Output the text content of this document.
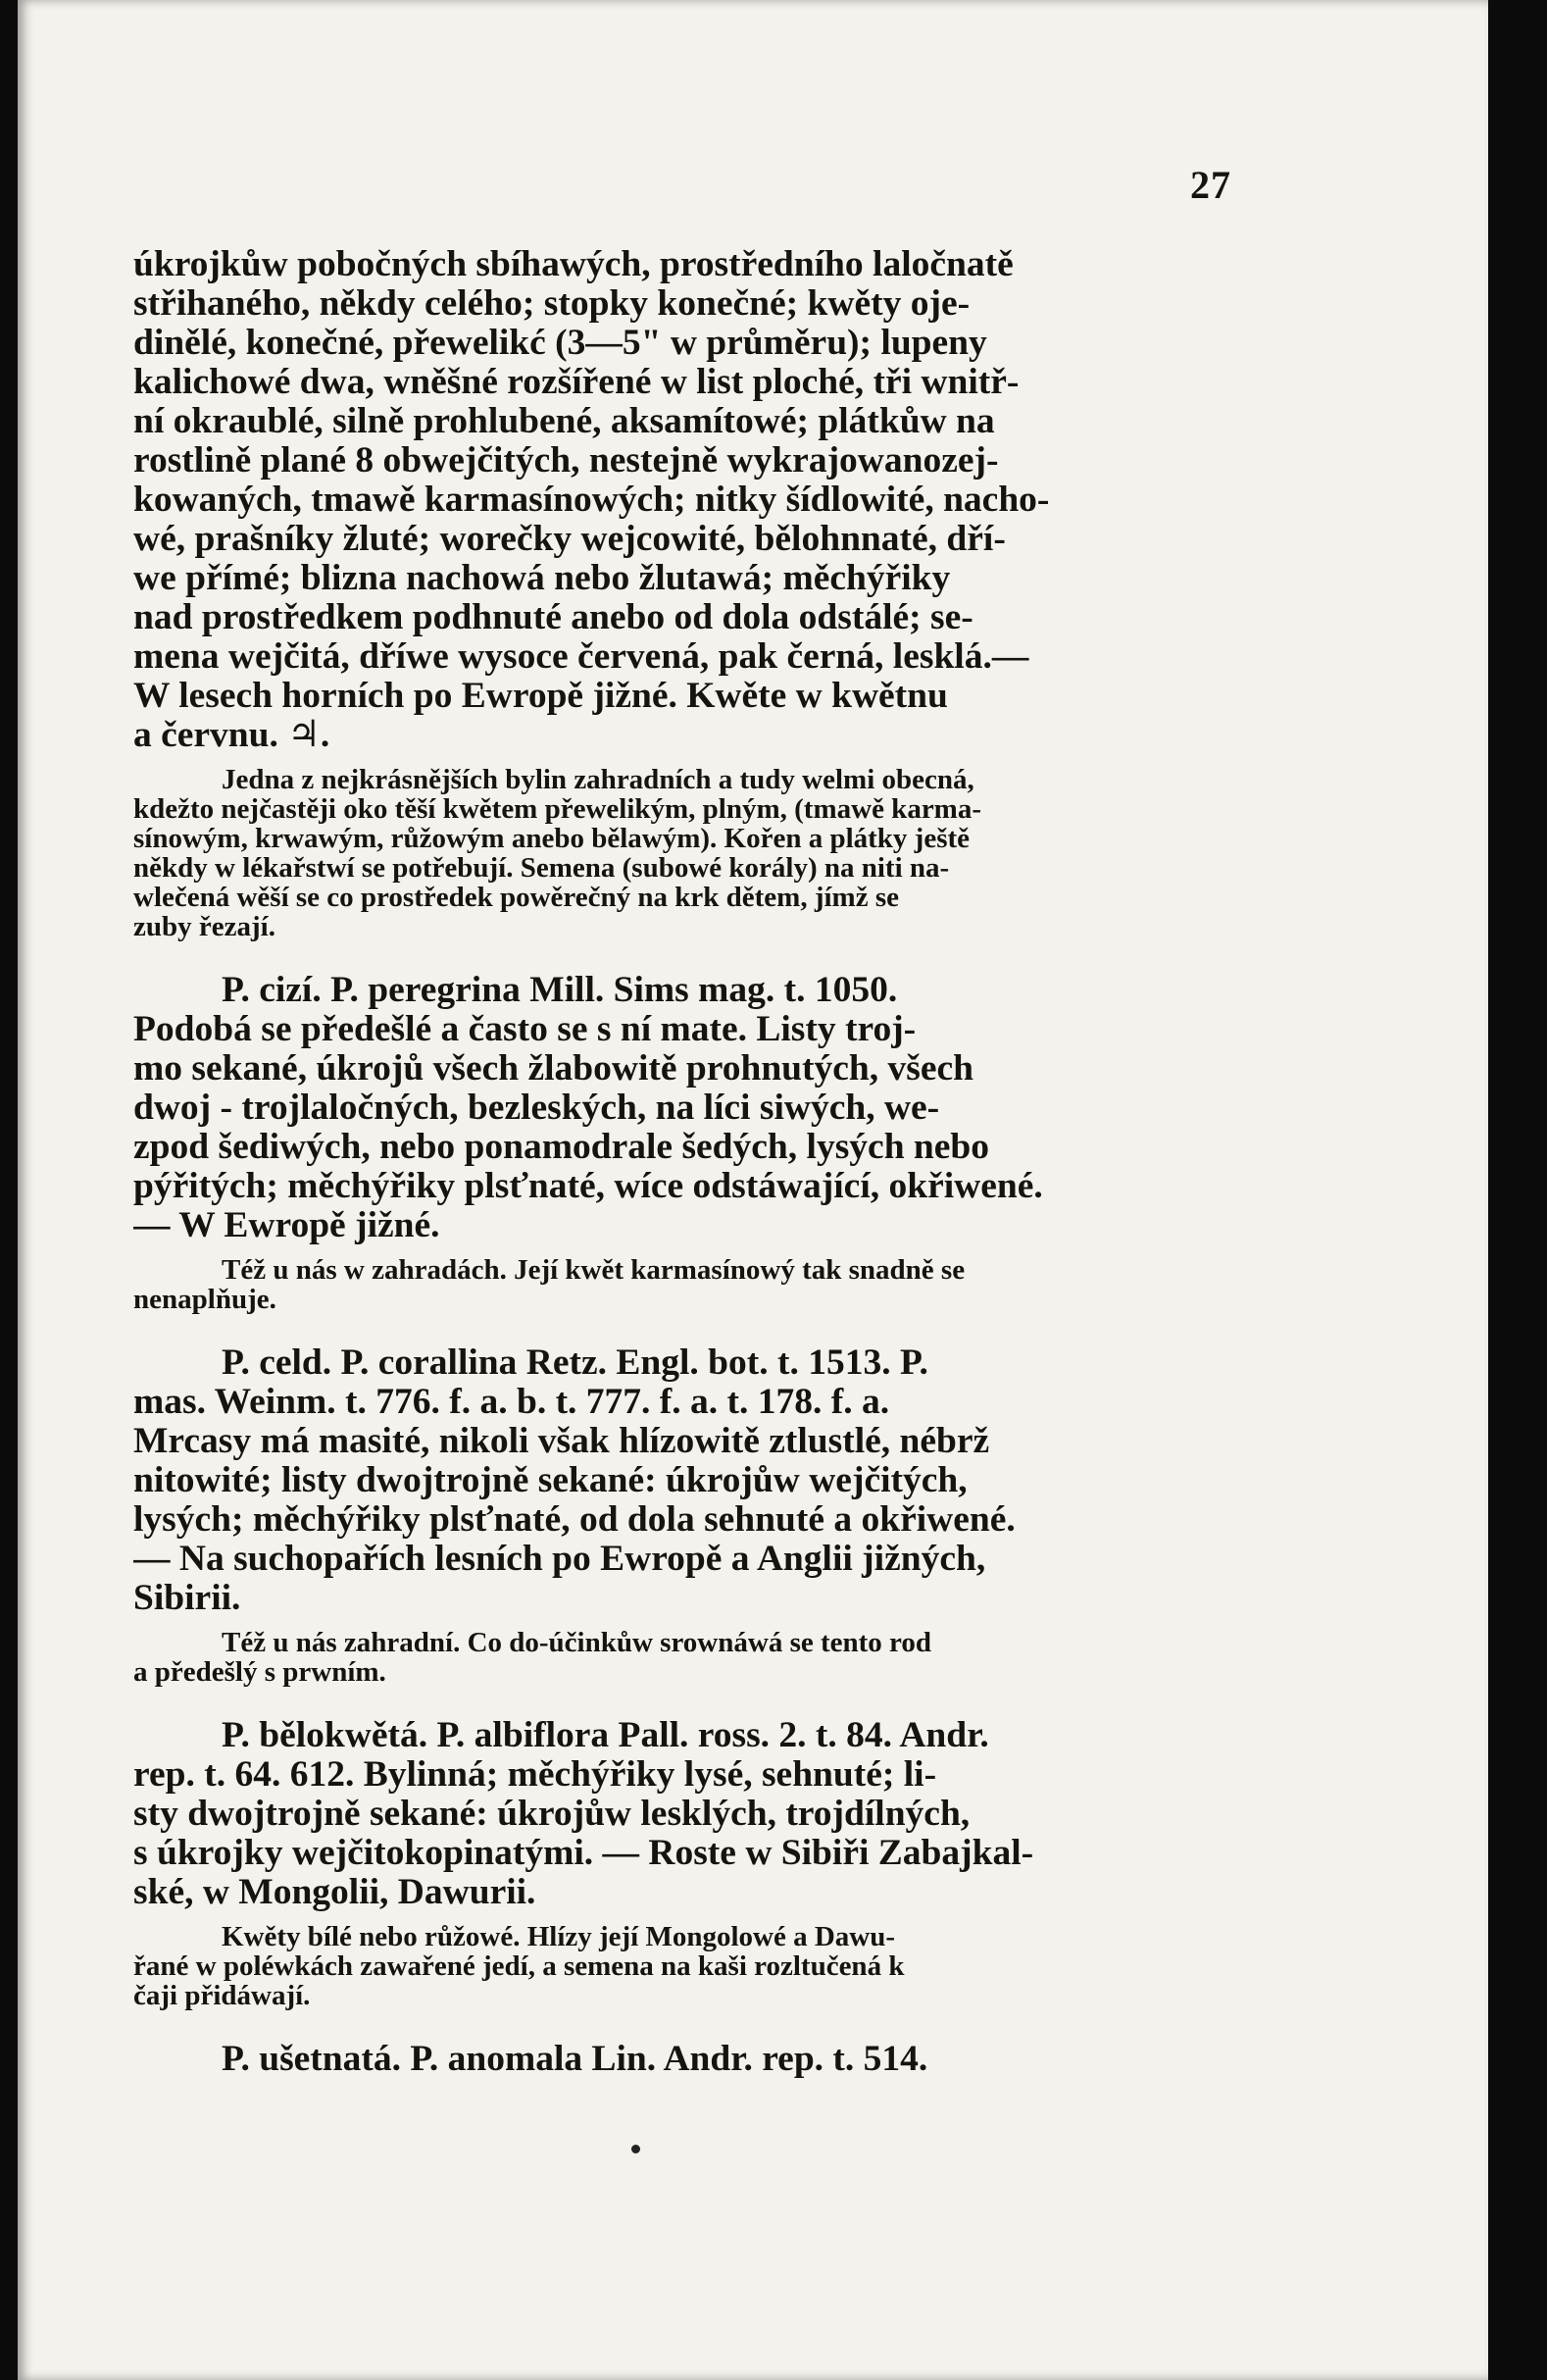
27
úkrojkůw pobočných sbíhawých, prostředního laločnatě
střihaného, někdy celého; stopky konečné; kwěty oje-
dinělé, konečné, přewelikć (3—5" w průměru); lupeny
kalichowé dwa, wněšné rozšířené w list ploché, tři wnitř-
ní okraublé, silně prohlubené, aksamítowé; plátkůw na
rostlině plané 8 obwejčitých, nestejně wykrajowanozej-
kowaných, tmawě karmasínowých; nitky šídlowité, nacho-
wé, prašníky žluté; worečky wejcowité, bělohnnaté, dří-
we přímé; blizna nachowá nebo žlutawá; měchýřiky
nad prostředkem podhnuté anebo od dola odstálé; se-
mena wejčitá, dříwe wysoce červená, pak černá, lesklá.—
W lesech horních po Ewropě jižné. Kwěte w kwětnu
a červnu. ♃.
Jedna z nejkrásnějších bylin zahradních a tudy welmi obecná,
kdežto nejčastěji oko těší kwětem přewelikým, plným, (tmawě karma-
sínowým, krwawým, růžowým anebo bělawým). Kořen a plátky ještě
někdy w lékařstwí se potřebují. Semena (subowé korály) na niti na-
wlečená wěší se co prostředek powěrečný na krk dětem, jímž se
zuby řezají.
P. cizí. P. peregrina Mill. Sims mag. t. 1050.
Podobá se předešlé a často se s ní mate. Listy troj-
mo sekané, úkrojů všech žlabowitě prohnutých, všech
dwoj - trojlaločných, bezleských, na líci siwých, we-
zpod šediwých, nebo ponamodrale šedých, lysých nebo
pýřitých; měchýřiky plsťnaté, wíce odstáwající, okřiwené.
— W Ewropě jižné.
Též u nás w zahradách. Její kwět karmasínowý tak snadně se
nenaplňuje.
P. celd. P. corallina Retz. Engl. bot. t. 1513. P.
mas. Weinm. t. 776. f. a. b. t. 777. f. a. t. 178. f. a.
Mrcasy má masité, nikoli však hlízowitě ztlustlé, nébrž
nitowité; listy dwojtrojně sekané: úkrojůw wejčitých,
lysých; měchýřiky plsťnaté, od dola sehnuté a okřiwené.
— Na suchopařích lesních po Ewropě a Anglii jižných,
Sibirii.
Též u nás zahradní. Co do-účinkůw srownáwá se tento rod
a předešlý s prwním.
P. bělokwětá. P. albiflora Pall. ross. 2. t. 84. Andr.
rep. t. 64. 612. Bylinná; měchýřiky lysé, sehnuté; li-
sty dwojtrojně sekané: úkrojůw lesklých, trojdílných,
s úkrojky wejčitokopinatými. — Roste w Sibiři Zabajkal-
ské, w Mongolii, Dawurii.
Kwěty bílé nebo růžowé. Hlízy její Mongolowé a Dawu-
řané w poléwkách zawařené jedí, a semena na kaši rozltučená k
čaji přidáwají.
P. ušetnatá. P. anomala Lin. Andr. rep. t. 514.
